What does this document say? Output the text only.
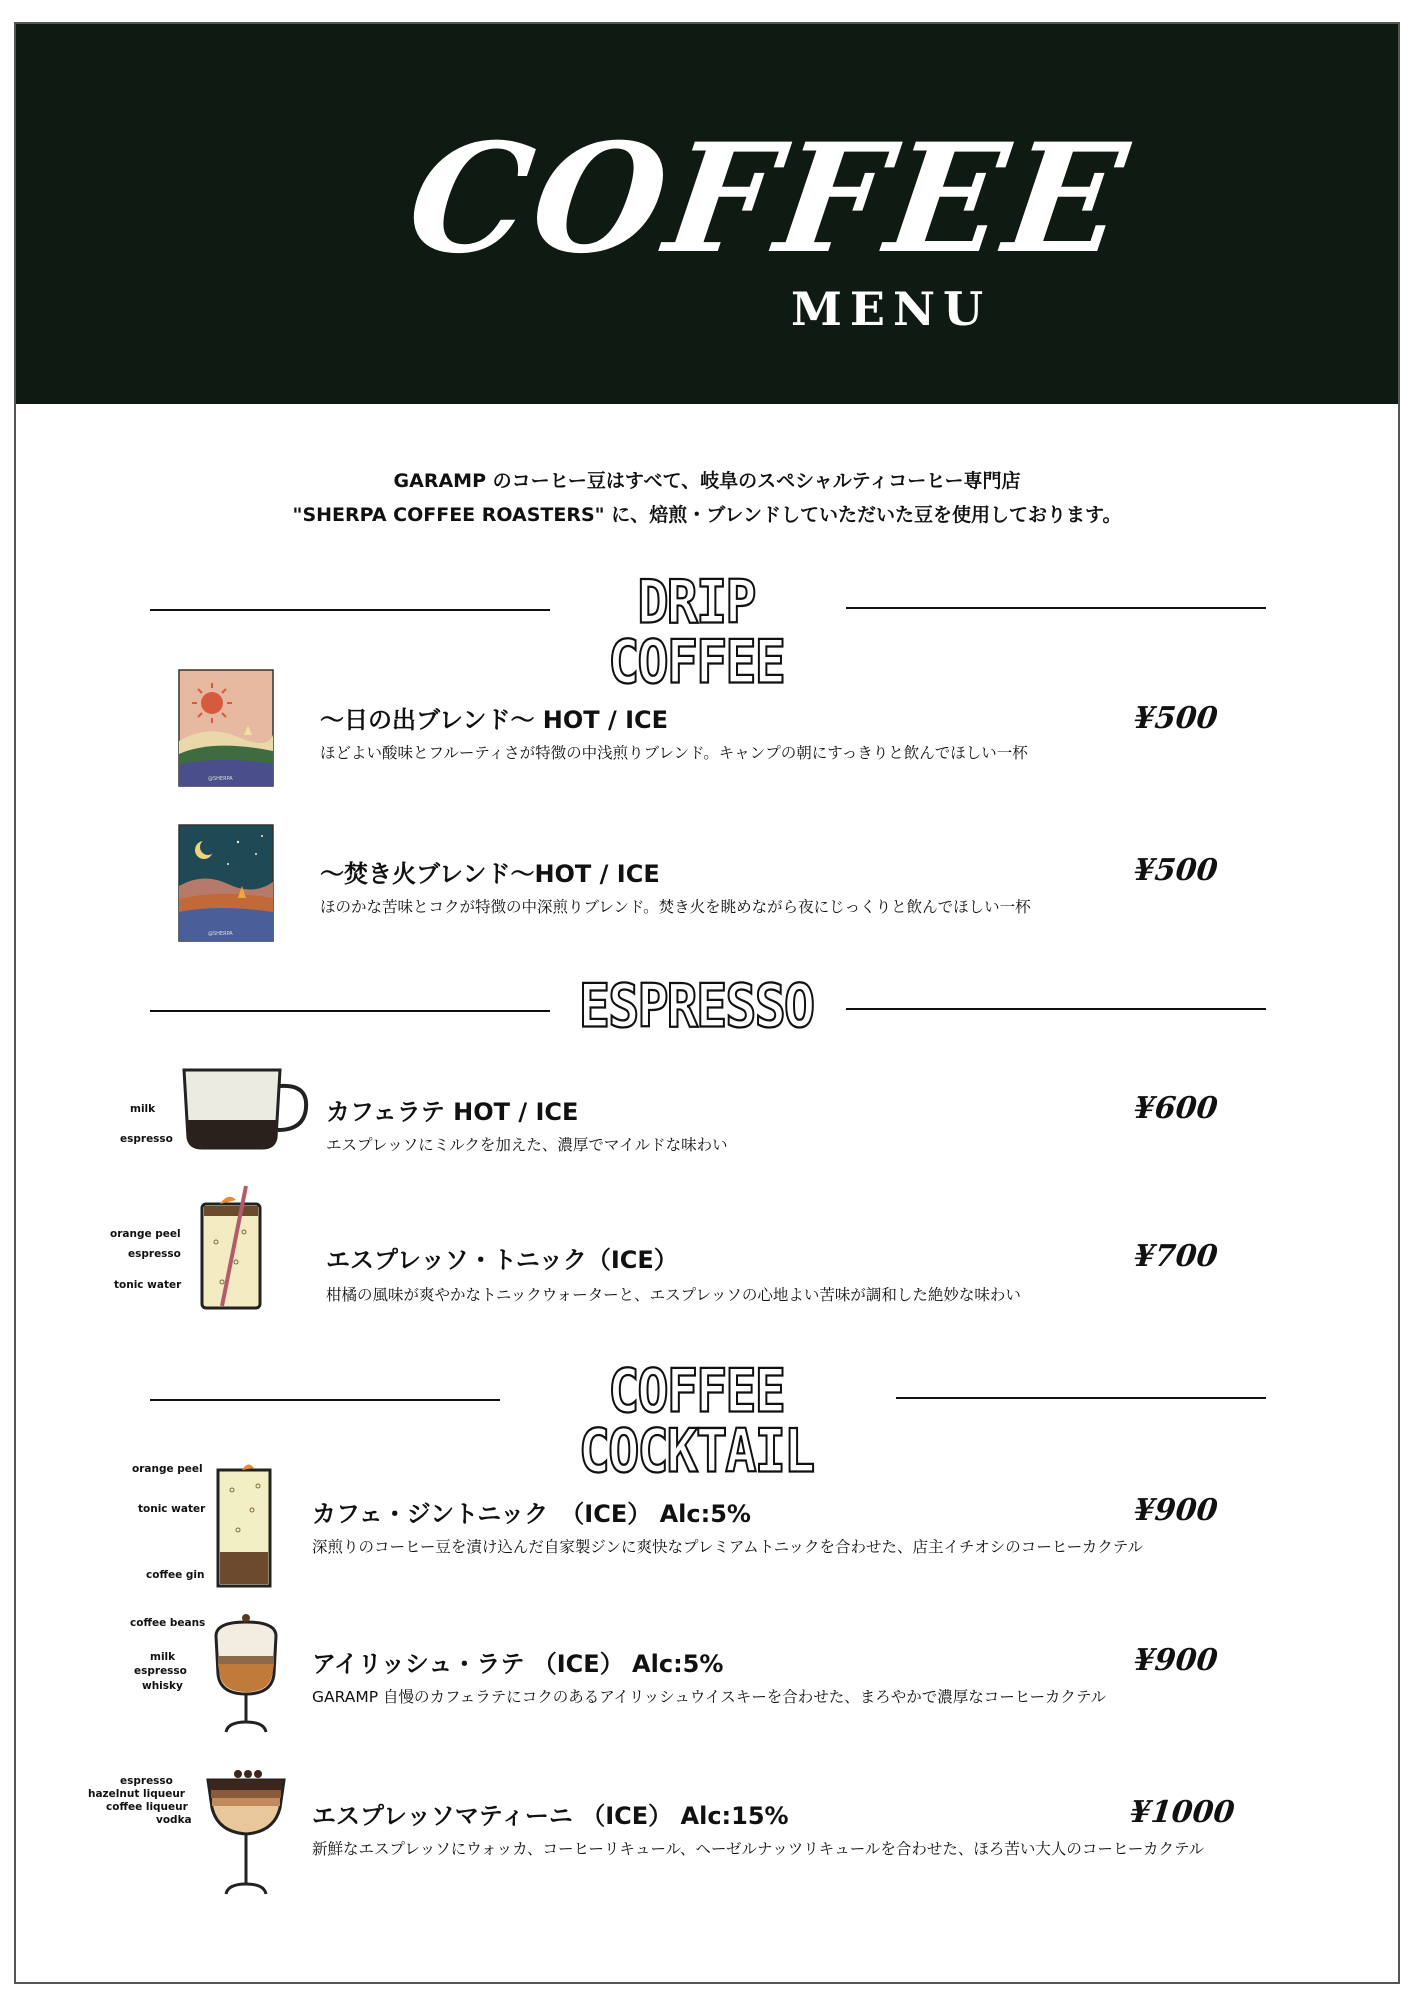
COFFEE
MENU
GARAMP のコーヒー豆はすべて、岐阜のスペシャルティコーヒー専門店
"SHERPA COFFEE ROASTERS" に、焙煎・ブレンドしていただいた豆を使用しております。
DRIP COFFEE
@SHERPA
～日の出ブレンド～ HOT / ICE
ほどよい酸味とフルーティさが特徴の中浅煎りブレンド。キャンプの朝にすっきりと飲んでほしい一杯
¥500
@SHERPA
～焚き火ブレンド～HOT / ICE
ほのかな苦味とコクが特徴の中深煎りブレンド。焚き火を眺めながら夜にじっくりと飲んでほしい一杯
¥500
ESPRESSO
milk
espresso
カフェラテ HOT / ICE
エスプレッソにミルクを加えた、濃厚でマイルドな味わい
¥600
orange peel
espresso
tonic water
エスプレッソ・トニック（ICE）
柑橘の風味が爽やかなトニックウォーターと、エスプレッソの心地よい苦味が調和した絶妙な味わい
¥700
COFFEE COCKTAIL
orange peel
tonic water
coffee gin
カフェ・ジントニック　（ICE） Alc:5%
深煎りのコーヒー豆を漬け込んだ自家製ジンに爽快なプレミアムトニックを合わせた、店主イチオシのコーヒーカクテル
¥900
coffee beans
milk
espresso
whisky
アイリッシュ・ラテ （ICE） Alc:5%
GARAMP 自慢のカフェラテにコクのあるアイリッシュウイスキーを合わせた、まろやかで濃厚なコーヒーカクテル
¥900
espresso
hazelnut liqueur
coffee liqueur
vodka	エスプレッソマティーニ （ICE） Alc:15%
新鮮なエスプレッソにウォッカ、コーヒーリキュール、ヘーゼルナッツリキュールを合わせた、ほろ苦い大人のコーヒーカクテル
¥1000
